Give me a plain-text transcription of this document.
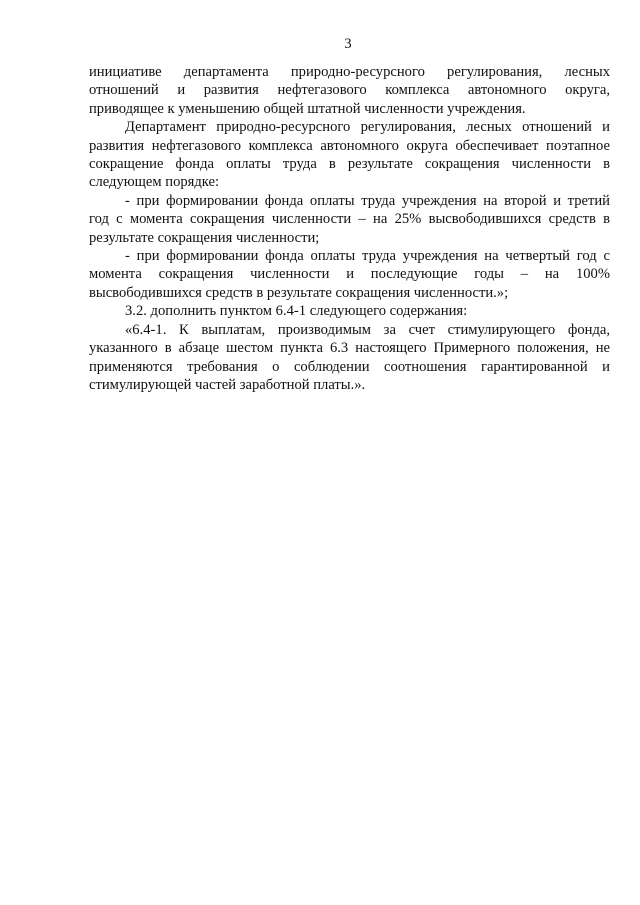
3
инициативе департамента природно-ресурсного регулирования, лесных
отношений и развития нефтегазового комплекса автономного округа,
приводящее к уменьшению общей штатной численности учреждения.
Департамент природно-ресурсного регулирования, лесных отношений и
развития нефтегазового комплекса автономного округа обеспечивает поэтапное
сокращение фонда оплаты труда в результате сокращения численности в
следующем порядке:
- при формировании фонда оплаты труда учреждения на второй и третий
год с момента сокращения численности – на 25% высвободившихся средств в
результате сокращения численности;
- при формировании фонда оплаты труда учреждения на четвертый год с
момента сокращения численности и последующие годы – на 100%
высвободившихся средств в результате сокращения численности.»;
3.2. дополнить пунктом 6.4-1 следующего содержания:
«6.4-1. К выплатам, производимым за счет стимулирующего фонда,
указанного в абзаце шестом пункта 6.3 настоящего Примерного положения, не
применяются требования о соблюдении соотношения гарантированной и
стимулирующей частей заработной платы.».
